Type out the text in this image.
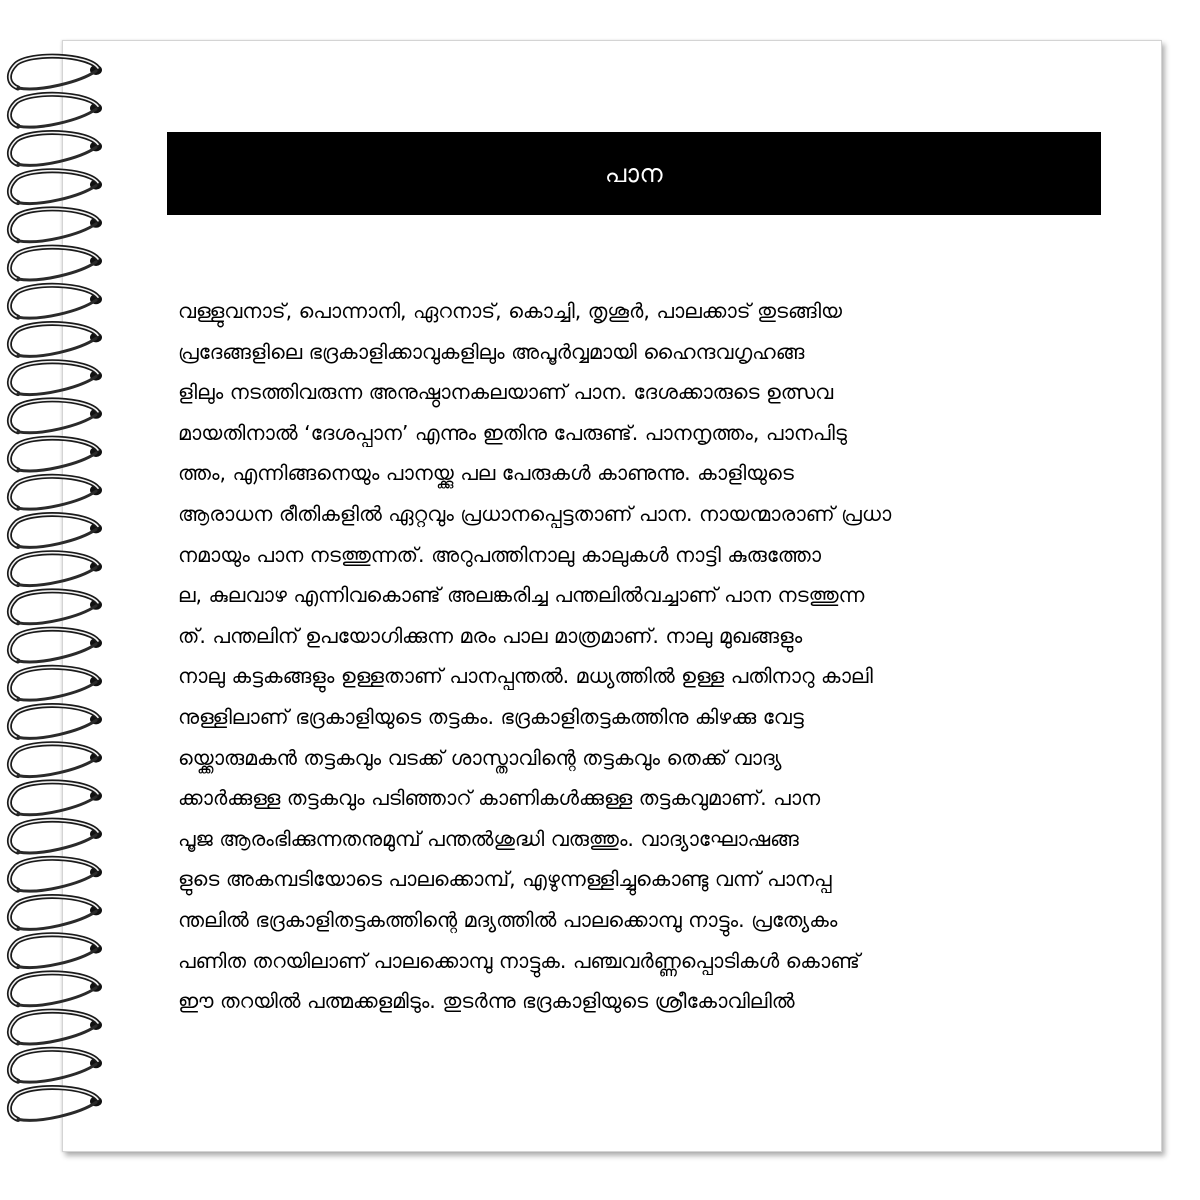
പാന
വള്ളുവനാട്, പൊന്നാനി, ഏറനാട്, കൊച്ചി, തൃശൂർ, പാലക്കാട് തുടങ്ങിയ
പ്രദേങ്ങളിലെ ഭദ്രകാളിക്കാവുകളിലും അപൂർവ്വമായി ഹൈന്ദവഗൃഹങ്ങ
ളിലും നടത്തിവരുന്ന അനുഷ്ഠാനകലയാണ് പാന. ദേശക്കാരുടെ ഉത്സവ
മായതിനാൽ ‘ദേശപ്പാന’ എന്നും ഇതിനു പേരുണ്ട്. പാനനൃത്തം, പാനപിടു
ത്തം, എന്നിങ്ങനെയും പാനയ്ക്കു പല പേരുകൾ കാണുന്നു. കാളിയുടെ
ആരാധന രീതികളിൽ ഏറ്റവും പ്രധാനപ്പെട്ടതാണ് പാന. നായന്മാരാണ് പ്രധാ
നമായും പാന നടത്തുന്നത്. അറുപത്തിനാലു കാലുകൾ നാട്ടി കുരുത്തോ
ല, കുലവാഴ എന്നിവകൊണ്ട് അലങ്കരിച്ച പന്തലിൽവച്ചാണ് പാന നടത്തുന്ന
ത്. പന്തലിന് ഉപയോഗിക്കുന്ന മരം പാല മാത്രമാണ്. നാലു മുഖങ്ങളും
നാലു കട്ടകങ്ങളും ഉള്ളതാണ് പാനപ്പന്തൽ. മധ്യത്തിൽ ഉള്ള പതിനാറു കാലി
നുള്ളിലാണ് ഭദ്രകാളിയുടെ തട്ടകം. ഭദ്രകാളിതട്ടകത്തിനു കിഴക്കു വേട്ട
യ്ക്കൊരുമകൻ തട്ടകവും വടക്ക് ശാസ്താവിന്റെ തട്ടകവും തെക്ക് വാദ്യ
ക്കാർക്കുള്ള തട്ടകവും പടിഞ്ഞാറ് കാണികൾക്കുള്ള തട്ടകവുമാണ്. പാന
പൂജ ആരംഭിക്കുന്നതനുമുമ്പ് പന്തൽശുദ്ധി വരുത്തും. വാദ്യാഘോഷങ്ങ
ളുടെ അകമ്പടിയോടെ പാലക്കൊമ്പ്, എഴുന്നള്ളിച്ചുകൊണ്ടു വന്ന് പാനപ്പ
ന്തലിൽ ഭദ്രകാളിതട്ടകത്തിന്റെ മദ്യത്തിൽ പാലക്കൊമ്പു നാട്ടും. പ്രത്യേകം
പണിത തറയിലാണ് പാലക്കൊമ്പു നാട്ടുക. പഞ്ചവർണ്ണപ്പൊടികൾ കൊണ്ട്
ഈ തറയിൽ പത്മക്കളമിടും. തുടർന്നു ഭദ്രകാളിയുടെ ശ്രീകോവിലിൽ
